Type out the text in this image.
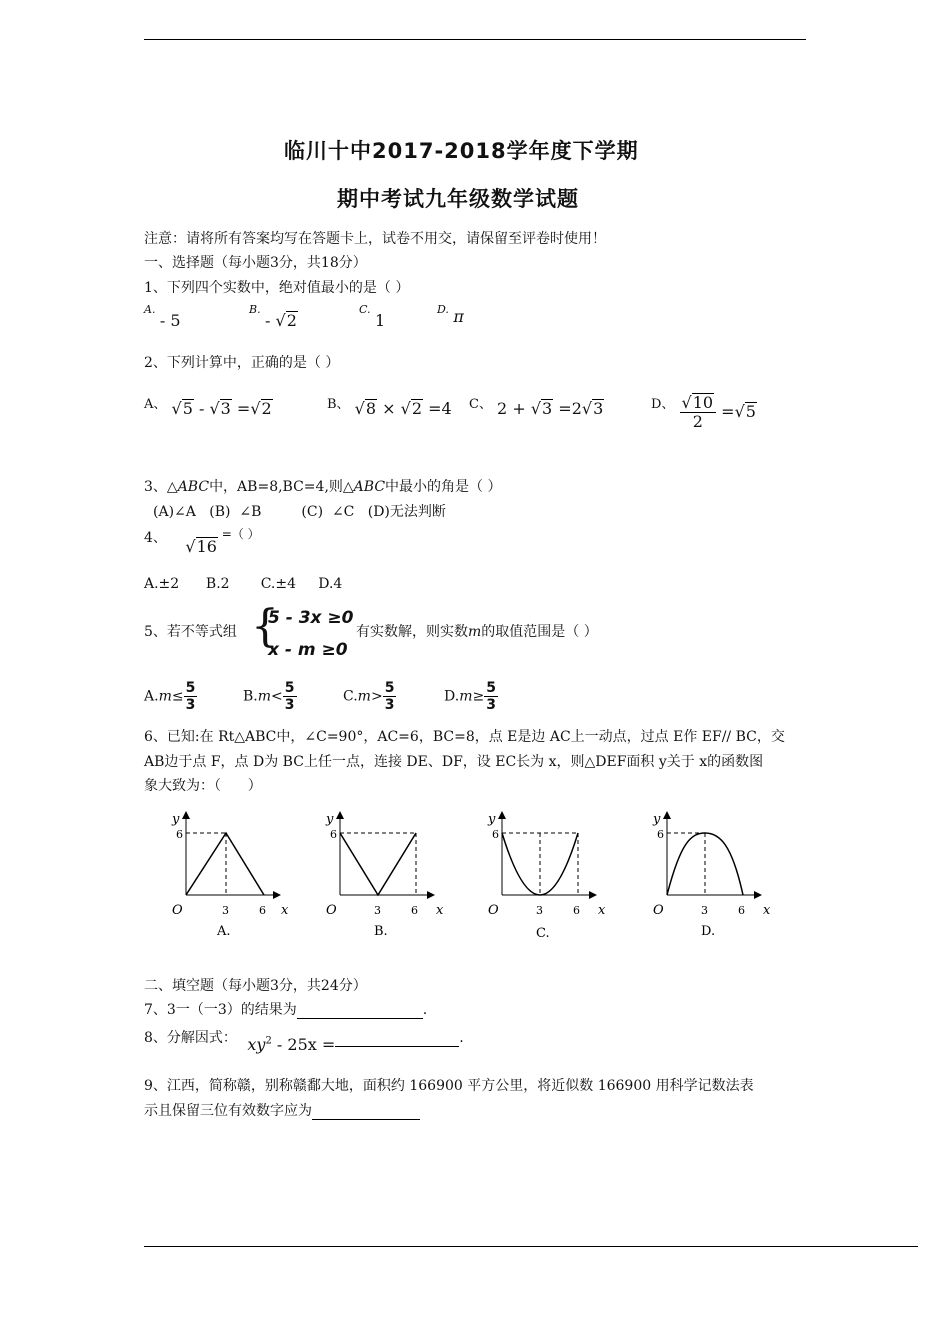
临川十中2017-2018学年度下学期
期中考试九年级数学试题
注意：请将所有答案均写在答题卡上，试卷不用交，请保留至评卷时使用！
一、选择题（每小题3分，共18分）
1、下列四个实数中，绝对值最小的是（ ）
$^{A.}$ - 5
$^{B.}$ - √2
$^{C.}$ 1
$^{D.}$ π
2、下列计算中，正确的是（ ）
$^{A、}$ √5 - √3 =√2	$^{B、}$ √8 × √2 =4 $^{C、}$ 2 + √3 =2√3	$^{D、} \frac{√10}{2} =√5$
3、△ABC中，AB=8,BC=4,则△ABC中最小的角是（ ）
(A)∠A   (B)  ∠B         (C)  ∠C   (D)无法判断
4、 √16 =（ ）
A.±2      B.2       C.±4     D.4
5、若不等式组 {
5 - 3x ≥0
x - m ≥0
有实数解，则实数m的取值范围是（ ）
$A.m\le \frac{5}{3}$	$B.m< \frac{5}{3}$	$C.m> \frac{5}{3}$	$D.m\ge \frac{5}{3}$
6、已知:在 Rt△ABC中，∠C=90°，AC=6，BC=8，点 E是边 AC上一动点，过点 E作 EF// BC，交
AB边于点 F，点 D为 BC上任一点，连接 DE、DF，设 EC长为 x，则△DEF面积 y关于 x的函数图
象大致为：（      ）
y
6
O	3	6 x
A.
y
6
O	3	6 x
B.
y
6
O	3	6 x
C.
y
6
O	3	6 x
D.
二、填空题（每小题3分，共24分）
7、3一（一3）的结果为	.
8、分解因式： $xy^2 - 25x$ =	.
9、江西，简称赣，别称赣鄱大地，面积约 166900 平方公里，将近似数 166900 用科学记数法表
示且保留三位有效数字应为
